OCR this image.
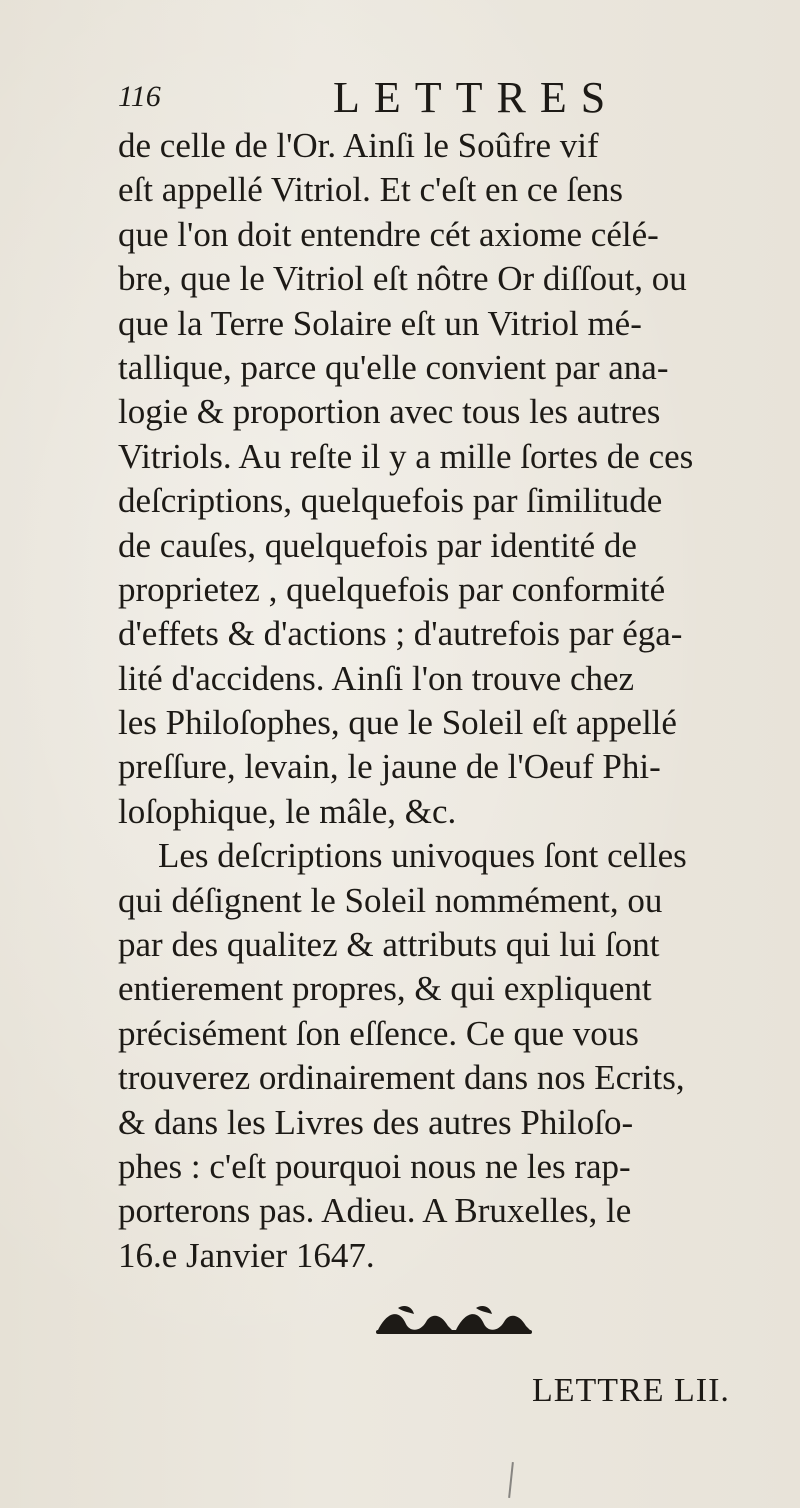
116	LETTRES
de celle de l'Or. Ainſi le Soûfre vif
eſt appellé Vitriol. Et c'eſt en ce ſens
que l'on doit entendre cét axiome célé-
bre, que le Vitriol eſt nôtre Or diſſout, ou
que la Terre Solaire eſt un Vitriol mé-
tallique, parce qu'elle convient par ana-
logie & proportion avec tous les autres
Vitriols. Au reſte il y a mille ſortes de ces
deſcriptions, quelquefois par ſimilitude
de cauſes, quelquefois par identité de
proprietez , quelquefois par conformité
d'effets & d'actions ; d'autrefois par éga-
lité d'accidens. Ainſi l'on trouve chez
les Philoſophes, que le Soleil eſt appellé
preſſure, levain, le jaune de l'Oeuf Phi-
loſophique, le mâle, &c.
Les deſcriptions univoques ſont celles
qui déſignent le Soleil nommément, ou
par des qualitez & attributs qui lui ſont
entierement propres, & qui expliquent
précisément ſon eſſence. Ce que vous
trouverez ordinairement dans nos Ecrits,
& dans les Livres des autres Philoſo-
phes : c'eſt pourquoi nous ne les rap-
porterons pas. Adieu. A Bruxelles, le
16.e Janvier 1647.
LETTRE LII.
